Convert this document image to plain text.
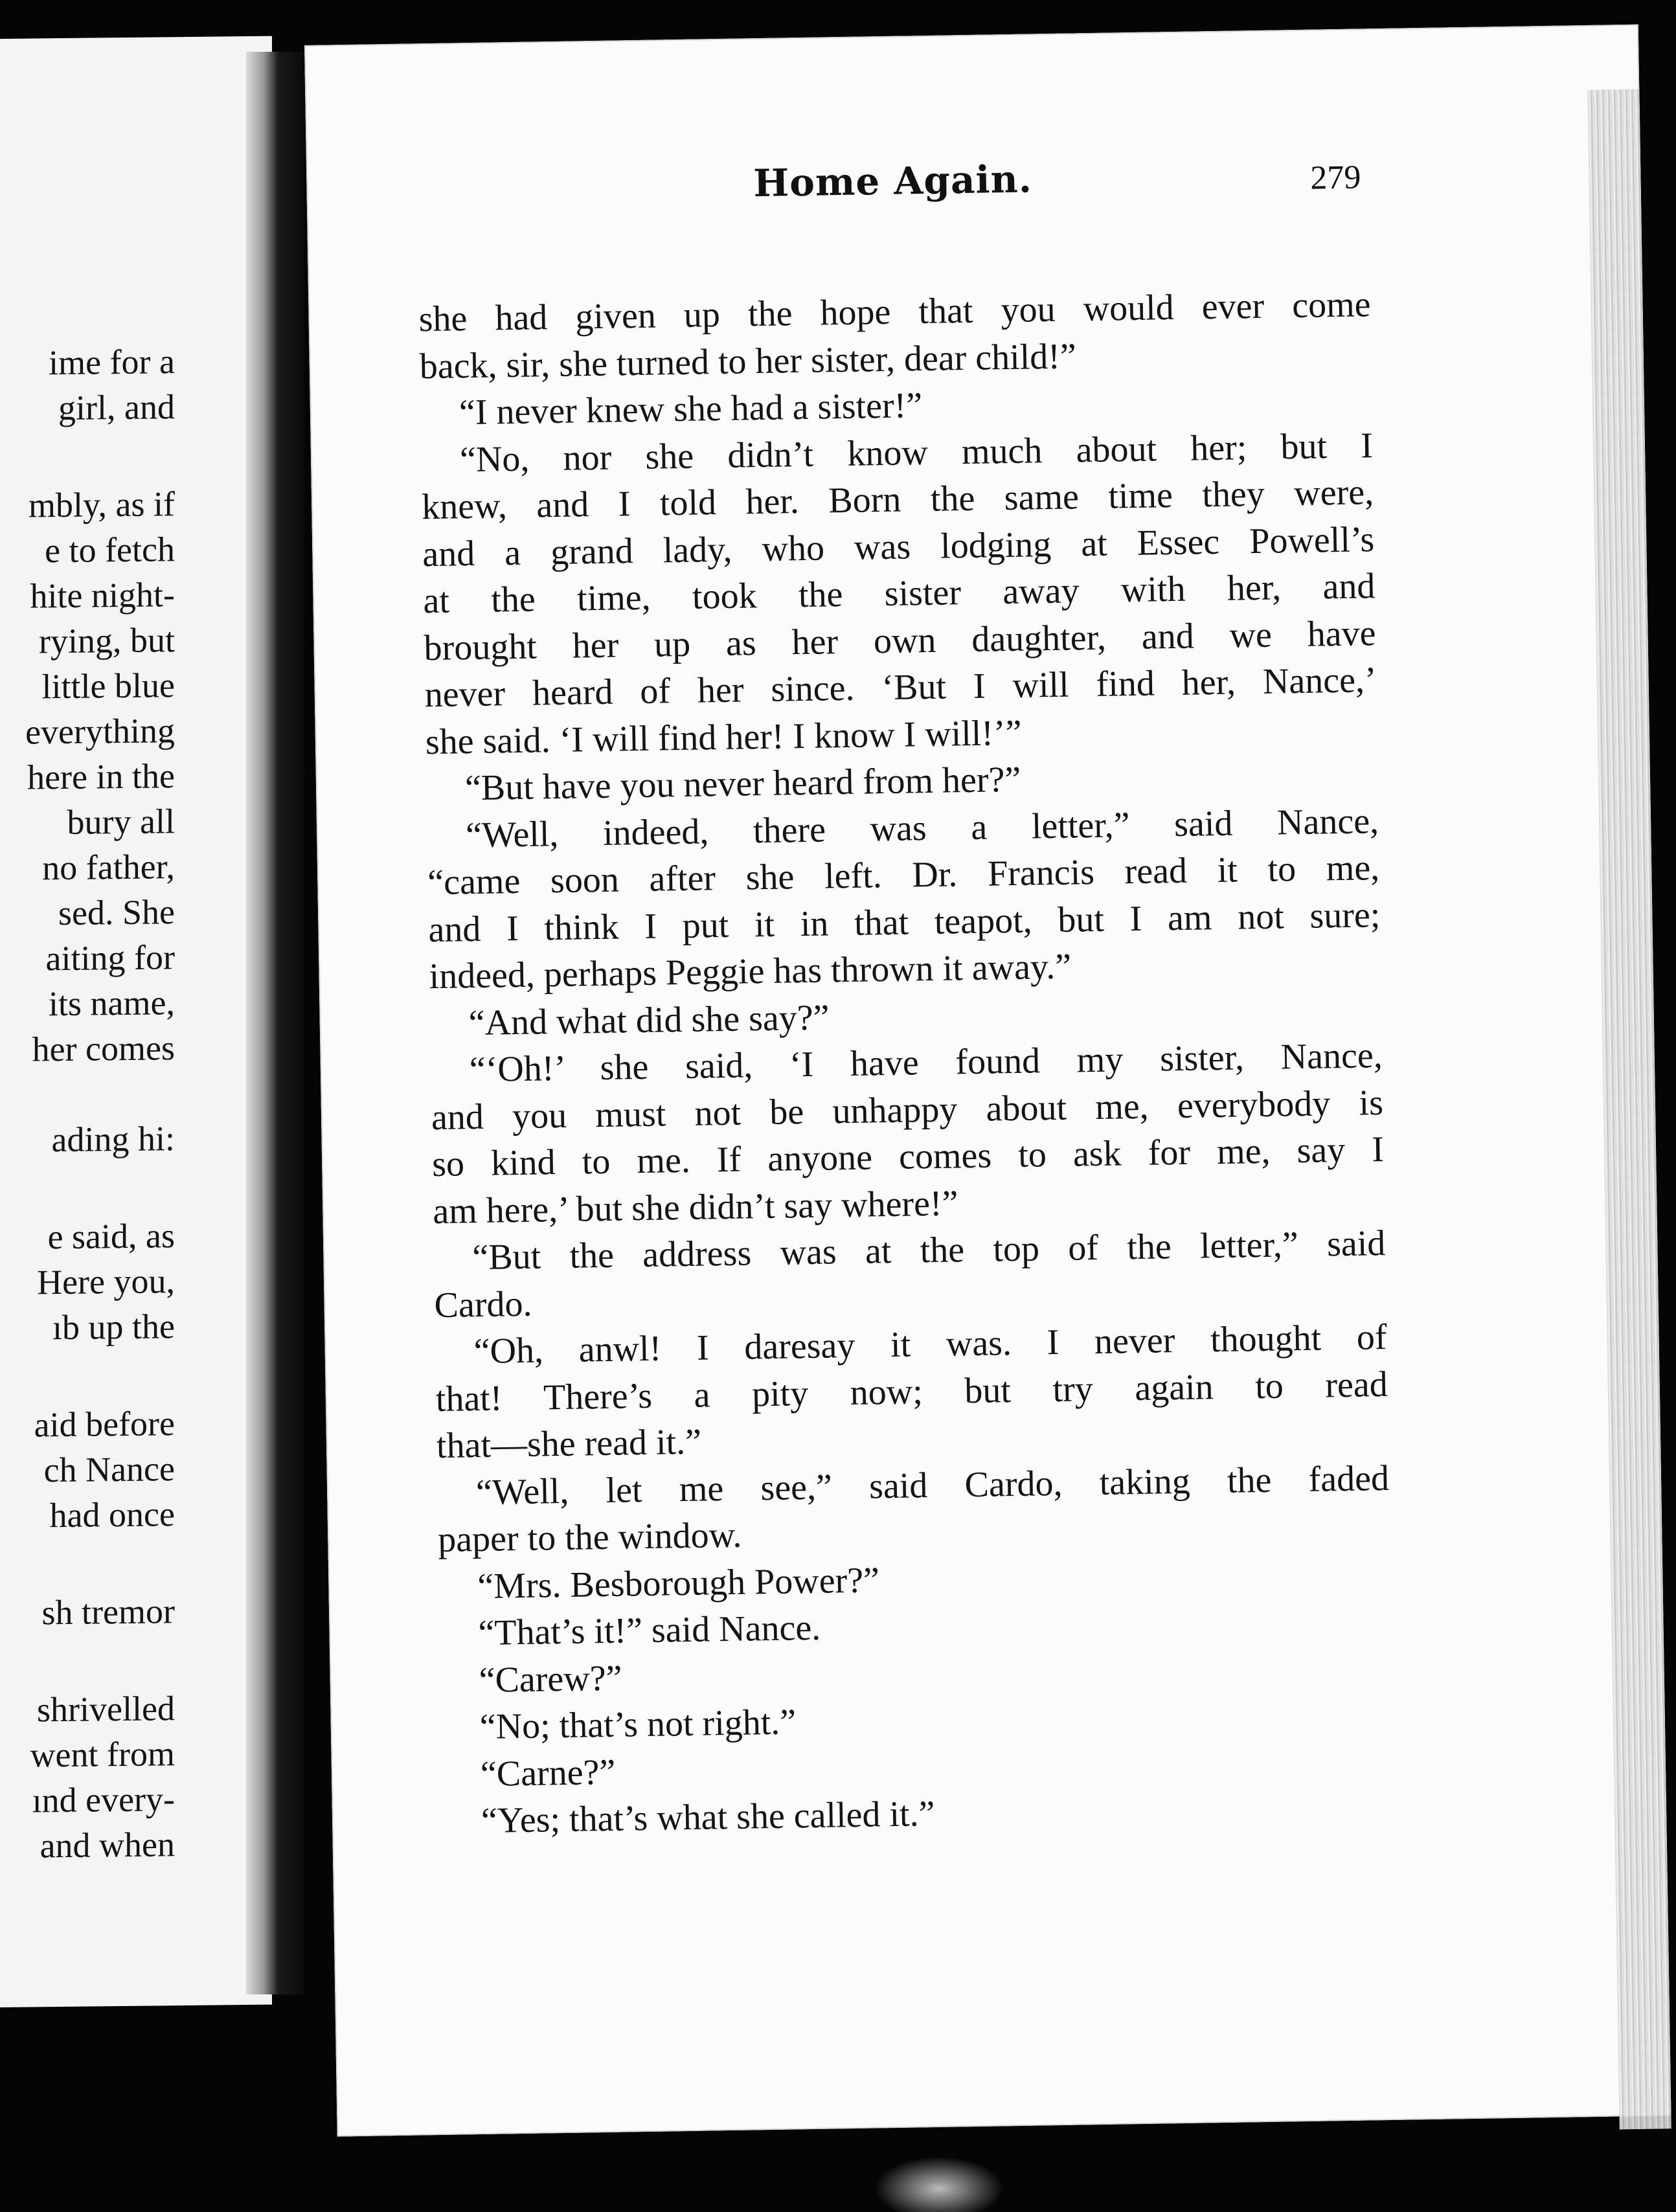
ime for a
girl, and
mbly, as if
e to fetch
hite night-
rying, but
little blue
everything
here in the
bury all
no father,
sed. She
aiting for
its name,
her comes
ading hi:
e said, as
Here you,
ıb up the
aid before
ch Nance
had once
sh tremor
shrivelled
went from
ınd every-
and when
Home Again.	279
she had given up the hope that you would ever come
back, sir, she turned to her sister, dear child!”
“I never knew she had a sister!”
“No, nor she didn’t know much about her; but I
knew, and I told her. Born the same time they were,
and a grand lady, who was lodging at Essec Powell’s
at the time, took the sister away with her, and
brought her up as her own daughter, and we have
never heard of her since. ‘But I will find her, Nance,’
she said. ‘I will find her! I know I will!’”
“But have you never heard from her?”
“Well, indeed, there was a letter,” said Nance,
“came soon after she left. Dr. Francis read it to me,
and I think I put it in that teapot, but I am not sure;
indeed, perhaps Peggie has thrown it away.”
“And what did she say?”
“‘Oh!’ she said, ‘I have found my sister, Nance,
and you must not be unhappy about me, everybody is
so kind to me. If anyone comes to ask for me, say I
am here,’ but she didn’t say where!”
“But the address was at the top of the letter,” said
Cardo.
“Oh, anwl! I daresay it was. I never thought of
that! There’s a pity now; but try again to read
that—she read it.”
“Well, let me see,” said Cardo, taking the faded
paper to the window.
“Mrs. Besborough Power?”
“That’s it!” said Nance.
“Carew?”
“No; that’s not right.”
“Carne?”
“Yes; that’s what she called it.”
